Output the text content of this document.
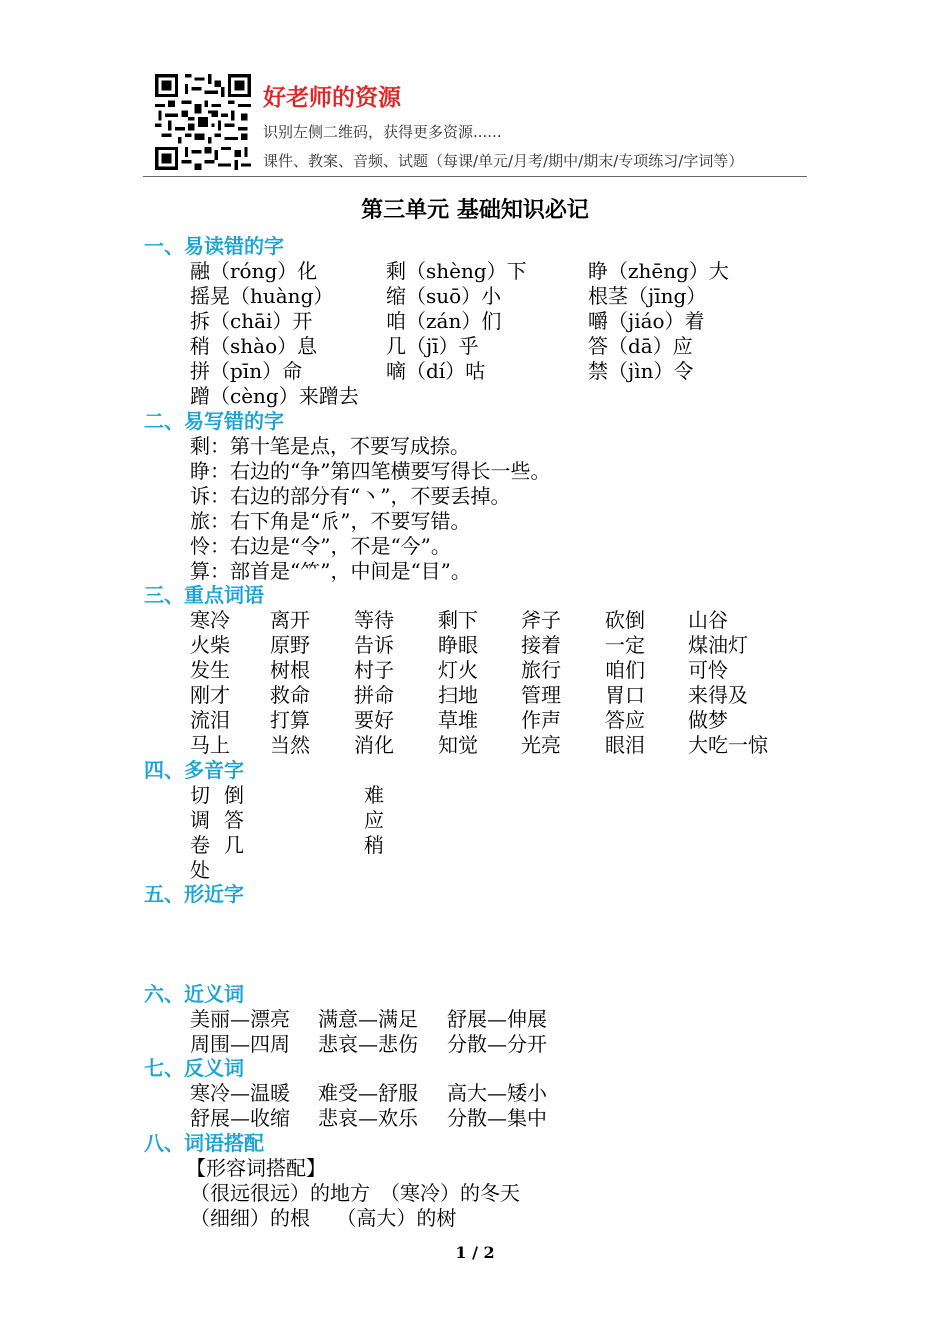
好老师的资源
识别左侧二维码，获得更多资源......
课件、教案、音频、试题（每课/单元/月考/期中/期末/专项练习/字词等）
第三单元 基础知识必记
一、易读错的字
融（róng）化	剩（shèng）下	睁（zhēng）大
摇晃（huàng）	缩（suō）小	根茎（jīng）
拆（chāi）开	咱（zán）们	嚼（jiáo）着
稍（shào）息	几（jī）乎	答（dā）应
拼（pīn）命	嘀（dí）咕	禁（jìn）令
蹭（cèng）来蹭去
二、易写错的字
剩：第十笔是点，不要写成捺。
睁：右边的“争”第四笔横要写得长一些。
诉：右边的部分有“丶”，不要丢掉。
旅：右下角是“𠂢”，不要写错。
怜：右边是“令”，不是“今”。
算：部首是“⺮”，中间是“目”。
三、重点词语
寒冷 离开 等待 剩下 斧子 砍倒 山谷
火柴 原野 告诉 睁眼 接着 一定 煤油灯
发生 树根 村子 灯火 旅行 咱们 可怜
刚才 救命 拼命 扫地 管理 胃口 来得及
流泪 打算 要好 草堆 作声 答应 做梦
马上 当然 消化 知觉 光亮 眼泪 大吃一惊
四、多音字
切 倒	难
调 答	应
卷 几	稍
处
五、形近字
六、近义词
美丽—漂亮 满意—满足 舒展—伸展
周围—四周 悲哀—悲伤 分散—分开
七、反义词
寒冷—温暖 难受—舒服 高大—矮小
舒展—收缩 悲哀—欢乐 分散—集中
八、词语搭配
【形容词搭配】
（很远很远）的地方　（寒冷）的冬天
（细细）的根　 （高大）的树
1 / 2
